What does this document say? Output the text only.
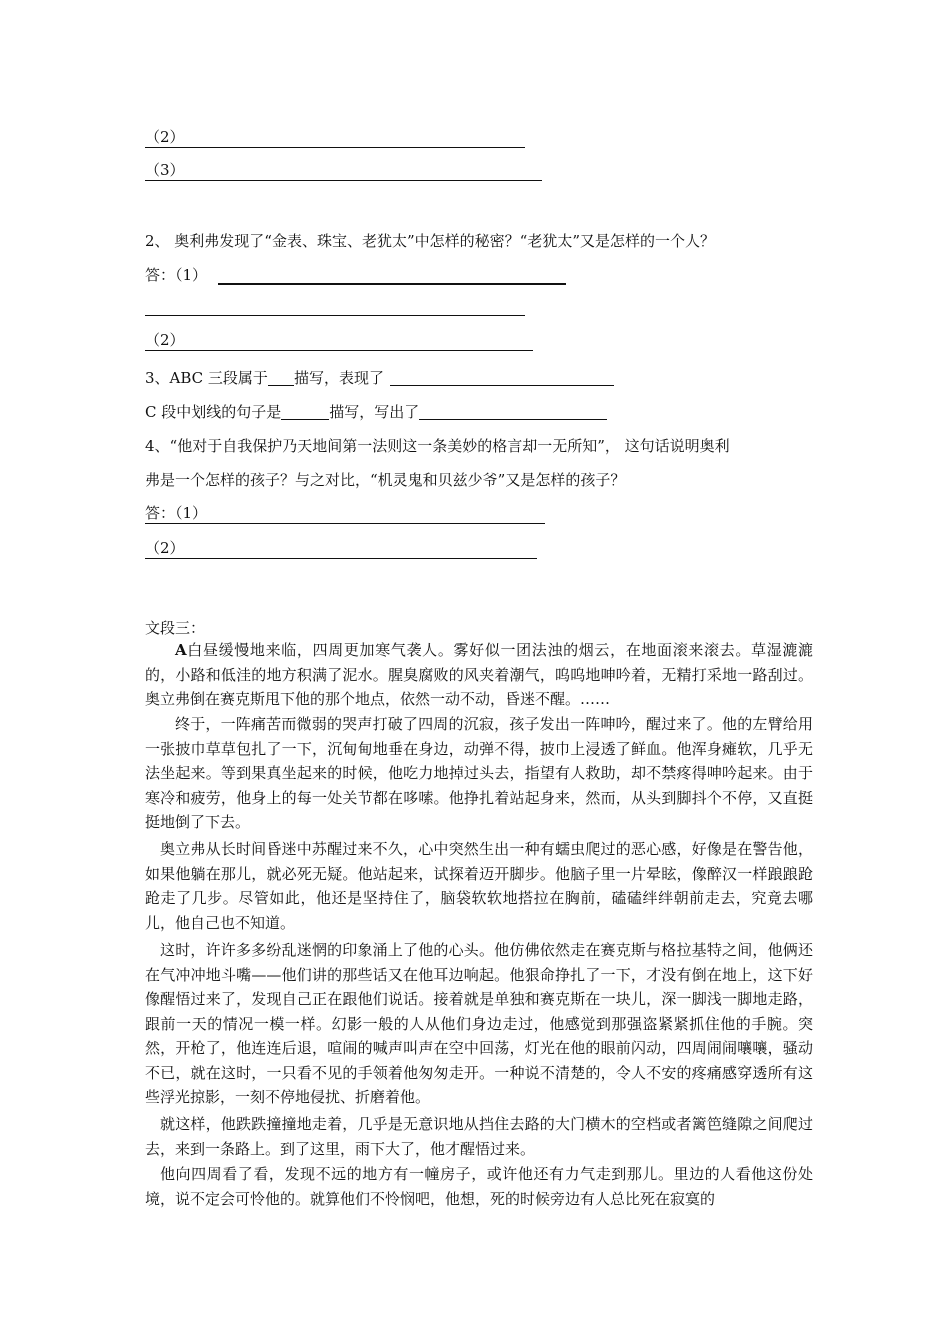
（2）
（3）
2、 奥利弗发现了“金表、珠宝、老犹太”中怎样的秘密？“老犹太”又是怎样的一个人？
答：（1）
（2）
3、ABC 三段属于 描写，表现了
C 段中划线的句子是	描写，写出了
4、“他对于自我保护乃天地间第一法则这一条美妙的格言却一无所知”， 这句话说明奥利
弗是一个怎样的孩子？与之对比，“机灵鬼和贝兹少爷”又是怎样的孩子？
答：（1）
（2）
文段三：
A白昼缓慢地来临，四周更加寒气袭人。雾好似一团法浊的烟云，在地面滚来滚去。草湿漉漉的，小路和低洼的地方积满了泥水。腥臭腐败的风夹着潮气，呜呜地呻吟着，无精打采地一路刮过。奥立弗倒在赛克斯甩下他的那个地点，依然一动不动，昏迷不醒。……
终于，一阵痛苦而微弱的哭声打破了四周的沉寂，孩子发出一阵呻吟，醒过来了。他的左臂给用一张披巾草草包扎了一下，沉甸甸地垂在身边，动弹不得，披巾上浸透了鲜血。他浑身瘫软，几乎无法坐起来。等到果真坐起来的时候，他吃力地掉过头去，指望有人救助，却不禁疼得呻吟起来。由于寒冷和疲劳，他身上的每一处关节都在哆嗦。他挣扎着站起身来，然而，从头到脚抖个不停，又直挺挺地倒了下去。
奥立弗从长时间昏迷中苏醒过来不久，心中突然生出一种有蠕虫爬过的恶心感，好像是在警告他，如果他躺在那儿，就必死无疑。他站起来，试探着迈开脚步。他脑子里一片晕眩，像醉汉一样踉踉跄跄走了几步。尽管如此，他还是坚持住了，脑袋软软地搭拉在胸前，磕磕绊绊朝前走去，究竟去哪儿，他自己也不知道。
这时，许许多多纷乱迷惘的印象涌上了他的心头。他仿佛依然走在赛克斯与格拉基特之间，他俩还在气冲冲地斗嘴——他们讲的那些话又在他耳边响起。他狠命挣扎了一下，才没有倒在地上，这下好像醒悟过来了，发现自己正在跟他们说话。接着就是单独和赛克斯在一块儿，深一脚浅一脚地走路，跟前一天的情况一模一样。幻影一般的人从他们身边走过，他感觉到那强盗紧紧抓住他的手腕。突然，开枪了，他连连后退，喧闹的喊声叫声在空中回荡，灯光在他的眼前闪动，四周闹闹嚷嚷，骚动不已，就在这时，一只看不见的手领着他匆匆走开。一种说不清楚的，令人不安的疼痛感穿透所有这些浮光掠影，一刻不停地侵扰、折磨着他。
就这样，他跌跌撞撞地走着，几乎是无意识地从挡住去路的大门横木的空档或者篱笆缝隙之间爬过去，来到一条路上。到了这里，雨下大了，他才醒悟过来。
他向四周看了看，发现不远的地方有一幢房子，或许他还有力气走到那儿。里边的人看他这份处境，说不定会可怜他的。就算他们不怜悯吧，他想，死的时候旁边有人总比死在寂寞的
